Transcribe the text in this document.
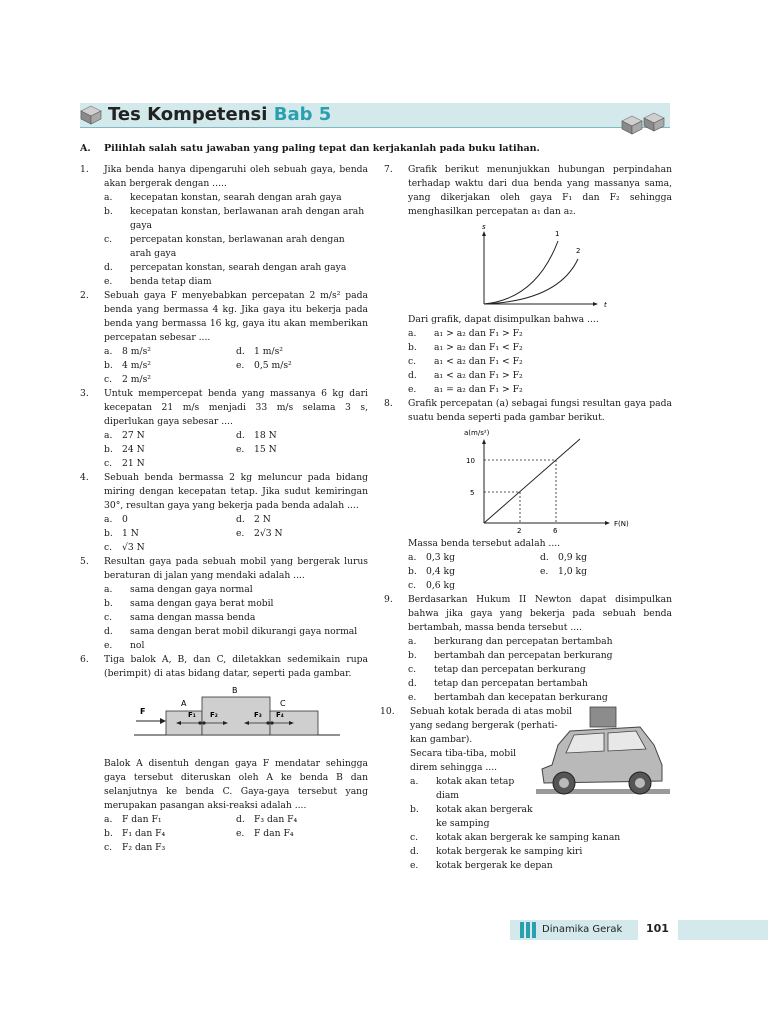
Tes Kompetensi Bab 5
A. Pilihlah salah satu jawaban yang paling tepat dan kerjakanlah pada buku latihan.
1. Jika benda hanya dipengaruhi oleh sebuah gaya, benda akan bergerak dengan .....
a. kecepatan konstan, searah dengan arah gaya
b. kecepatan konstan, berlawanan arah dengan arah gaya
c. percepatan konstan, berlawanan arah dengan arah gaya
d. percepatan konstan, searah dengan arah gaya
e. benda tetap diam
2. Sebuah gaya F menyebabkan percepatan 2 m/s² pada benda yang bermassa 4 kg. Jika gaya itu bekerja pada benda yang bermassa 16 kg, gaya itu akan memberikan percepatan sebesar ....
a. 8 m/s²	d. 1 m/s²
b. 4 m/s²	e. 0,5 m/s²
c. 2 m/s²
3. Untuk mempercepat benda yang massanya 6 kg dari kecepatan 21 m/s menjadi 33 m/s selama 3 s, diperlukan gaya sebesar ....
a. 27 N	d. 18 N
b. 24 N	e. 15 N
c. 21 N
4. Sebuah benda bermassa 2 kg meluncur pada bidang miring dengan kecepatan tetap. Jika sudut kemiringan 30°, resultan gaya yang bekerja pada benda adalah ....
a. 0	d. 2 N
b. 1 N	e. 2√3 N
c. √3 N
5. Resultan gaya pada sebuah mobil yang bergerak lurus beraturan di jalan yang mendaki adalah ....
a. sama dengan gaya normal
b. sama dengan gaya berat mobil
c. sama dengan massa benda
d. sama dengan berat mobil dikurangi gaya normal
e. nol
6. Tiga balok A, B, dan C, diletakkan sedemikain rupa (berimpit) di atas bidang datar, seperti pada gambar.
A
B
C
F	F₁ F₂	F₃ F₄
Balok A disentuh dengan gaya F mendatar sehingga gaya tersebut diteruskan oleh A ke benda B dan selanjutnya ke benda C. Gaya-gaya tersebut yang merupakan pasangan aksi-reaksi adalah ....
a. F dan F₁	d. F₃ dan F₄
b. F₁ dan F₄	e. F dan F₄
c. F₂ dan F₃
7. Grafik berikut menunjukkan hubungan perpindahan terhadap waktu dari dua benda yang massanya sama, yang dikerjakan oleh gaya F₁ dan F₂ sehingga menghasilkan percepatan a₁ dan a₂.
s
t
1
2
Dari grafik, dapat disimpulkan bahwa ....
a. a₁ > a₂ dan F₁ > F₂
b. a₁ > a₂ dan F₁ < F₂
c. a₁ < a₂ dan F₁ < F₂
d. a₁ < a₂ dan F₁ > F₂
e. a₁ = a₂ dan F₁ > F₂
8. Grafik percepatan (a) sebagai fungsi resultan gaya pada suatu benda seperti pada gambar berikut.
a(m/s²)
F(N)
10
5
2	6
Massa benda tersebut adalah ....
a. 0,3 kg	d. 0,9 kg
b. 0,4 kg	e. 1,0 kg
c. 0,6 kg
9. Berdasarkan Hukum II Newton dapat disimpulkan bahwa jika gaya yang bekerja pada sebuah benda bertambah, massa benda tersebut ....
a. berkurang dan percepatan bertambah
b. bertambah dan percepatan berkurang
c. tetap dan percepatan berkurang
d. tetap dan percepatan bertambah
e. bertambah dan kecepatan berkurang
10. Sebuah kotak berada di atas mobil
yang sedang bergerak (perhati-
kan gambar).
Secara tiba-tiba, mobil
direm sehingga ....
a. kotak akan tetap
diam
b. kotak akan bergerak
ke samping
c. kotak akan bergerak ke samping kanan
d. kotak bergerak ke samping kiri
e. kotak bergerak ke depan
Dinamika Gerak 101
